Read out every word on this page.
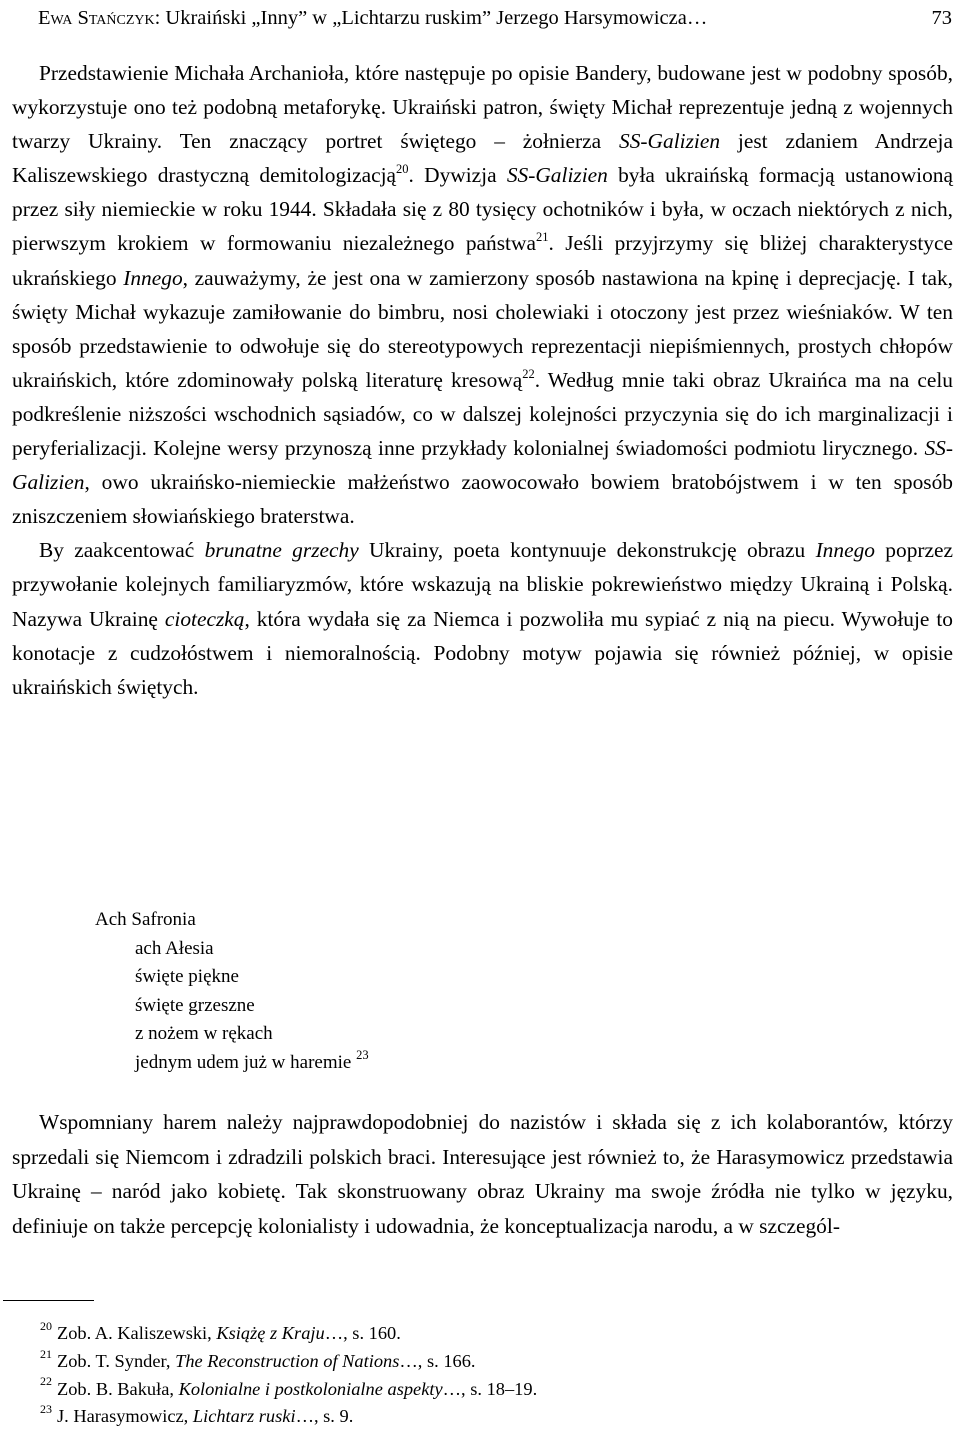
Ewa Stańczyk: Ukraiński „Inny” w „Lichtarzu ruskim” Jerzego Harsymowicza…	73

Przedstawienie Michała Archanioła, które następuje po opisie Bandery, budowane jest w podobny sposób, wykorzystuje ono też podobną metaforykę. Ukraiński patron, święty Michał reprezentuje jedną z wojennych twarzy Ukrainy. Ten znaczący portret świętego – żołnierza SS-Galizien jest zdaniem Andrzeja Kaliszewskiego drastyczną demitologizacją$^{20}$. Dywizja SS-Galizien była ukraińską formacją ustanowioną przez siły niemieckie w roku 1944. Składała się z 80 tysięcy ochotników i była, w oczach niektórych z nich, pierwszym krokiem w formowaniu niezależnego państwa$^{21}$. Jeśli przyjrzymy się bliżej charakterystyce ukrańskiego Innego, zauważymy, że jest ona w zamierzony sposób nastawiona na kpinę i deprecjację. I tak, święty Michał wykazuje zamiłowanie do bimbru, nosi cholewiaki i otoczony jest przez wieśniaków. W ten sposób przedstawienie to odwołuje się do stereotypowych reprezentacji niepiśmiennych, prostych chłopów ukraińskich, które zdominowały polską literaturę kresową$^{22}$. Według mnie taki obraz Ukraińca ma na celu podkreślenie niższości wschodnich sąsiadów, co w dalszej kolejności przyczynia się do ich marginalizacji i peryferializacji. Kolejne wersy przynoszą inne przykłady kolonialnej świadomości podmiotu lirycznego. SS-Galizien, owo ukraińsko-niemieckie małżeństwo zaowocowało bowiem bratobójstwem i w ten sposób zniszczeniem słowiańskiego braterstwa.

By zaakcentować brunatne grzechy Ukrainy, poeta kontynuuje dekonstrukcję obrazu Innego poprzez przywołanie kolejnych familiaryzmów, które wskazują na bliskie pokrewieństwo między Ukrainą i Polską. Nazywa Ukrainę cioteczką, która wydała się za Niemca i pozwoliła mu sypiać z nią na piecu. Wywołuje to konotacje z cudzołóstwem i niemoralnością. Podobny motyw pojawia się również później, w opisie ukraińskich świętych.

Ach Safronia
ach Ałesia
święte piękne
święte grzeszne
z nożem w rękach
jednym udem już w haremie $^{23}$

Wspomniany harem należy najprawdopodobniej do nazistów i składa się z ich kolaborantów, którzy sprzedali się Niemcom i zdradzili polskich braci. Interesujące jest również to, że Harasymowicz przedstawia Ukrainę – naród jako kobietę. Tak skonstruowany obraz Ukrainy ma swoje źródła nie tylko w języku, definiuje on także percepcję kolonialisty i udowadnia, że konceptualizacja narodu, a w szczegól-

$^{20}$ Zob. A. Kaliszewski, Książę z Kraju…, s. 160.
$^{21}$ Zob. T. Synder, The Reconstruction of Nations…, s. 166.
$^{22}$ Zob. B. Bakuła, Kolonialne i postkolonialne aspekty…, s. 18–19.
$^{23}$ J. Harasymowicz, Lichtarz ruski…, s. 9.
